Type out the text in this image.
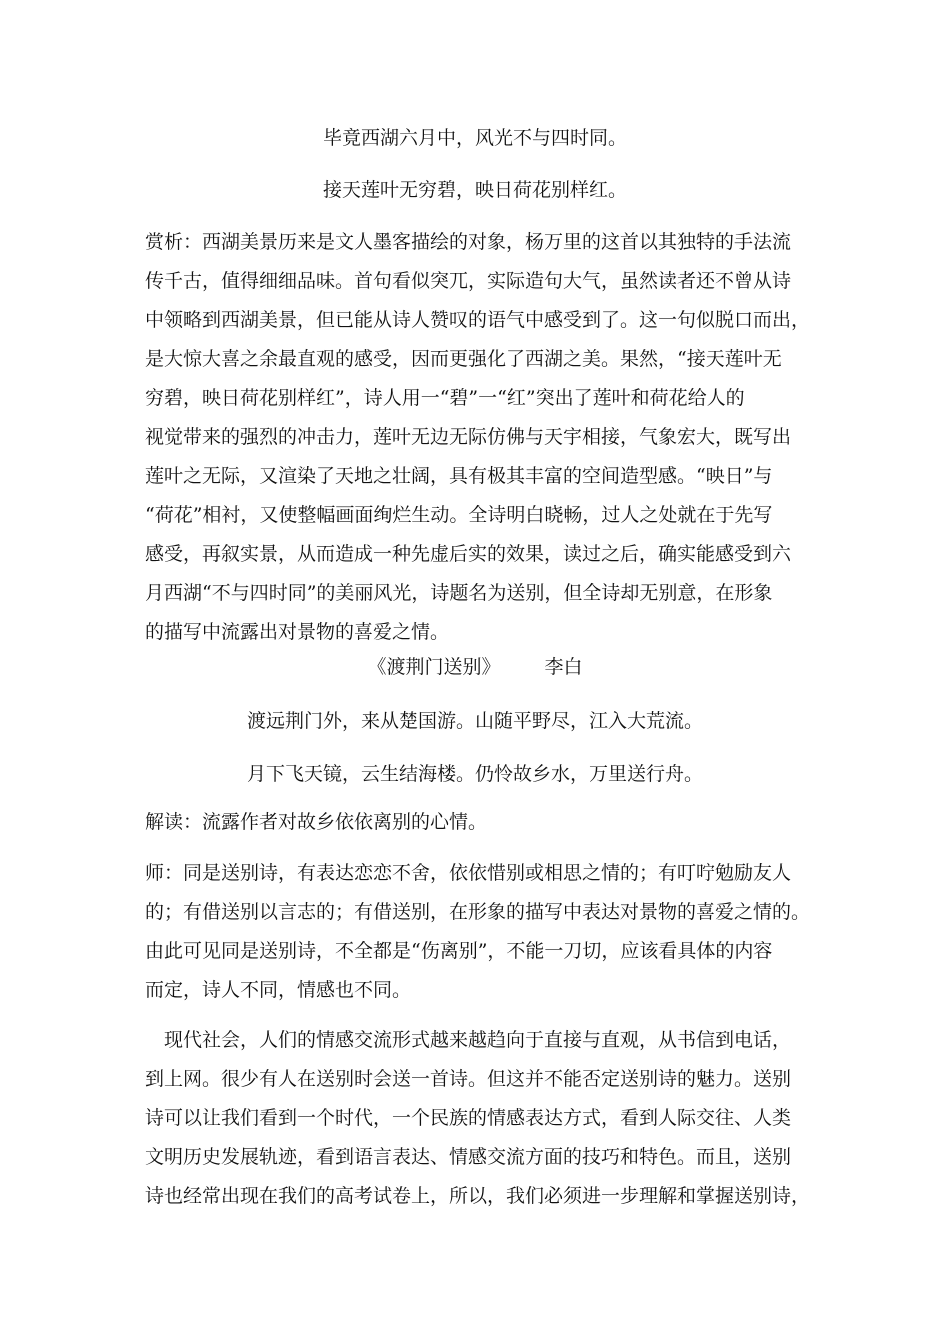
毕竟西湖六月中，风光不与四时同。
接天莲叶无穷碧，映日荷花别样红。
赏析：西湖美景历来是文人墨客描绘的对象，杨万里的这首以其独特的手法流
传千古，值得细细品味。首句看似突兀，实际造句大气，虽然读者还不曾从诗
中领略到西湖美景，但已能从诗人赞叹的语气中感受到了。这一句似脱口而出，
是大惊大喜之余最直观的感受，因而更强化了西湖之美。果然，“接天莲叶无
穷碧，映日荷花别样红”，诗人用一“碧”一“红”突出了莲叶和荷花给人的
视觉带来的强烈的冲击力，莲叶无边无际仿佛与天宇相接，气象宏大，既写出
莲叶之无际，又渲染了天地之壮阔，具有极其丰富的空间造型感。“映日”与
“荷花”相衬，又使整幅画面绚烂生动。全诗明白晓畅，过人之处就在于先写
感受，再叙实景，从而造成一种先虚后实的效果，读过之后，确实能感受到六
月西湖“不与四时同”的美丽风光，诗题名为送别，但全诗却无别意，在形象
的描写中流露出对景物的喜爱之情。
《渡荆门送别》 李白
渡远荆门外，来从楚国游。山随平野尽，江入大荒流。
月下飞天镜，云生结海楼。仍怜故乡水，万里送行舟。
解读：流露作者对故乡依依离别的心情。
师：同是送别诗，有表达恋恋不舍，依依惜别或相思之情的；有叮咛勉励友人
的；有借送别以言志的；有借送别，在形象的描写中表达对景物的喜爱之情的。
由此可见同是送别诗，不全都是“伤离别”，不能一刀切，应该看具体的内容
而定，诗人不同，情感也不同。
现代社会，人们的情感交流形式越来越趋向于直接与直观，从书信到电话，
到上网。很少有人在送别时会送一首诗。但这并不能否定送别诗的魅力。送别
诗可以让我们看到一个时代，一个民族的情感表达方式，看到人际交往、人类
文明历史发展轨迹，看到语言表达、情感交流方面的技巧和特色。而且，送别
诗也经常出现在我们的高考试卷上，所以，我们必须进一步理解和掌握送别诗，
